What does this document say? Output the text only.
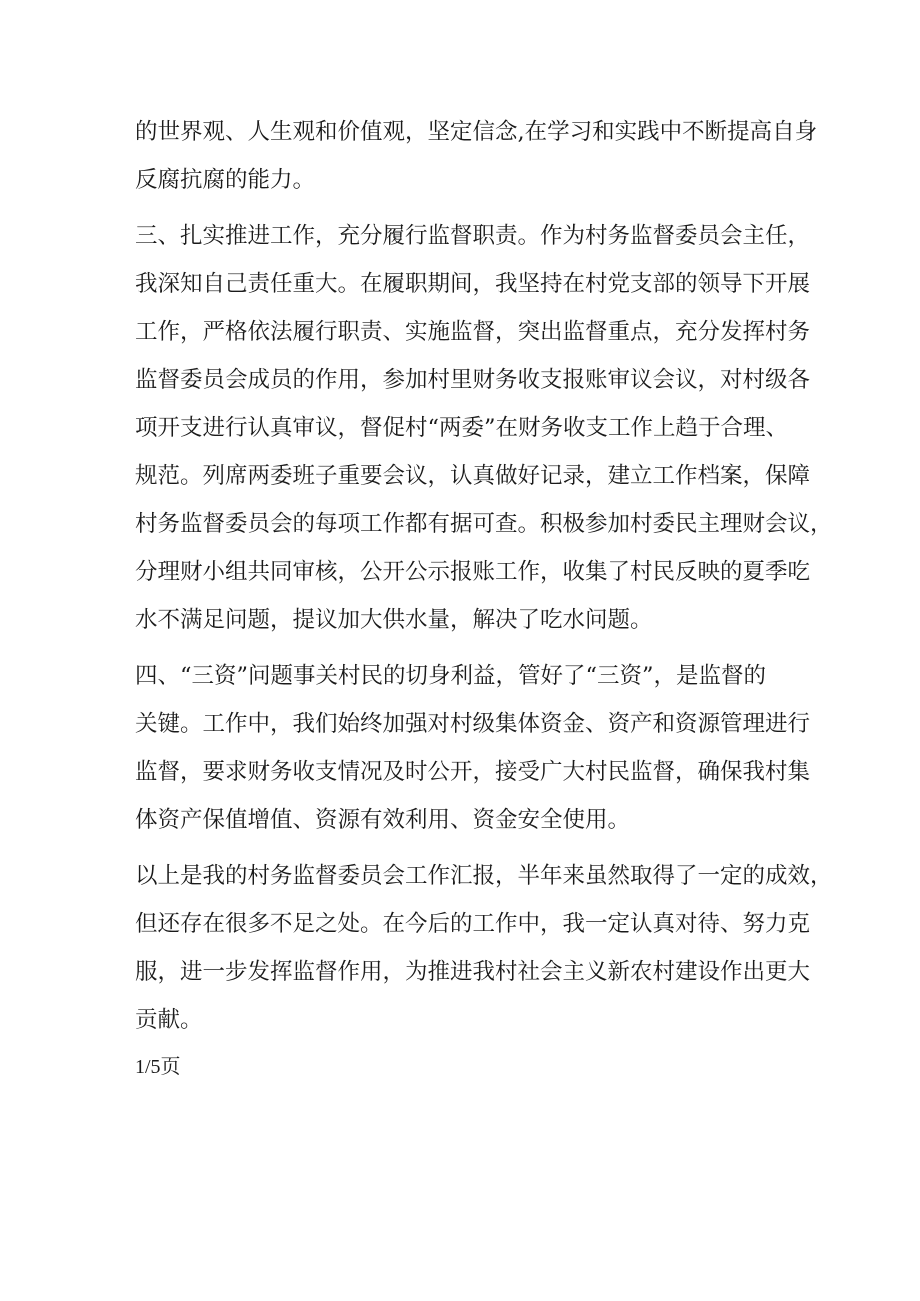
的世界观、人生观和价值观，坚定信念,在学习和实践中不断提高自身
反腐抗腐的能力。
三、扎实推进工作，充分履行监督职责。作为村务监督委员会主任，
我深知自己责任重大。在履职期间，我坚持在村党支部的领导下开展
工作，严格依法履行职责、实施监督，突出监督重点，充分发挥村务
监督委员会成员的作用，参加村里财务收支报账审议会议，对村级各
项开支进行认真审议，督促村“两委”在财务收支工作上趋于合理、
规范。列席两委班子重要会议，认真做好记录，建立工作档案，保障
村务监督委员会的每项工作都有据可查。积极参加村委民主理财会议，
分理财小组共同审核，公开公示报账工作，收集了村民反映的夏季吃
水不满足问题，提议加大供水量，解决了吃水问题。
四、“三资”问题事关村民的切身利益，管好了“三资”，是监督的
关键。工作中，我们始终加强对村级集体资金、资产和资源管理进行
监督，要求财务收支情况及时公开，接受广大村民监督，确保我村集
体资产保值增值、资源有效利用、资金安全使用。
以上是我的村务监督委员会工作汇报，半年来虽然取得了一定的成效，
但还存在很多不足之处。在今后的工作中，我一定认真对待、努力克
服，进一步发挥监督作用，为推进我村社会主义新农村建设作出更大
贡献。
1/5页
